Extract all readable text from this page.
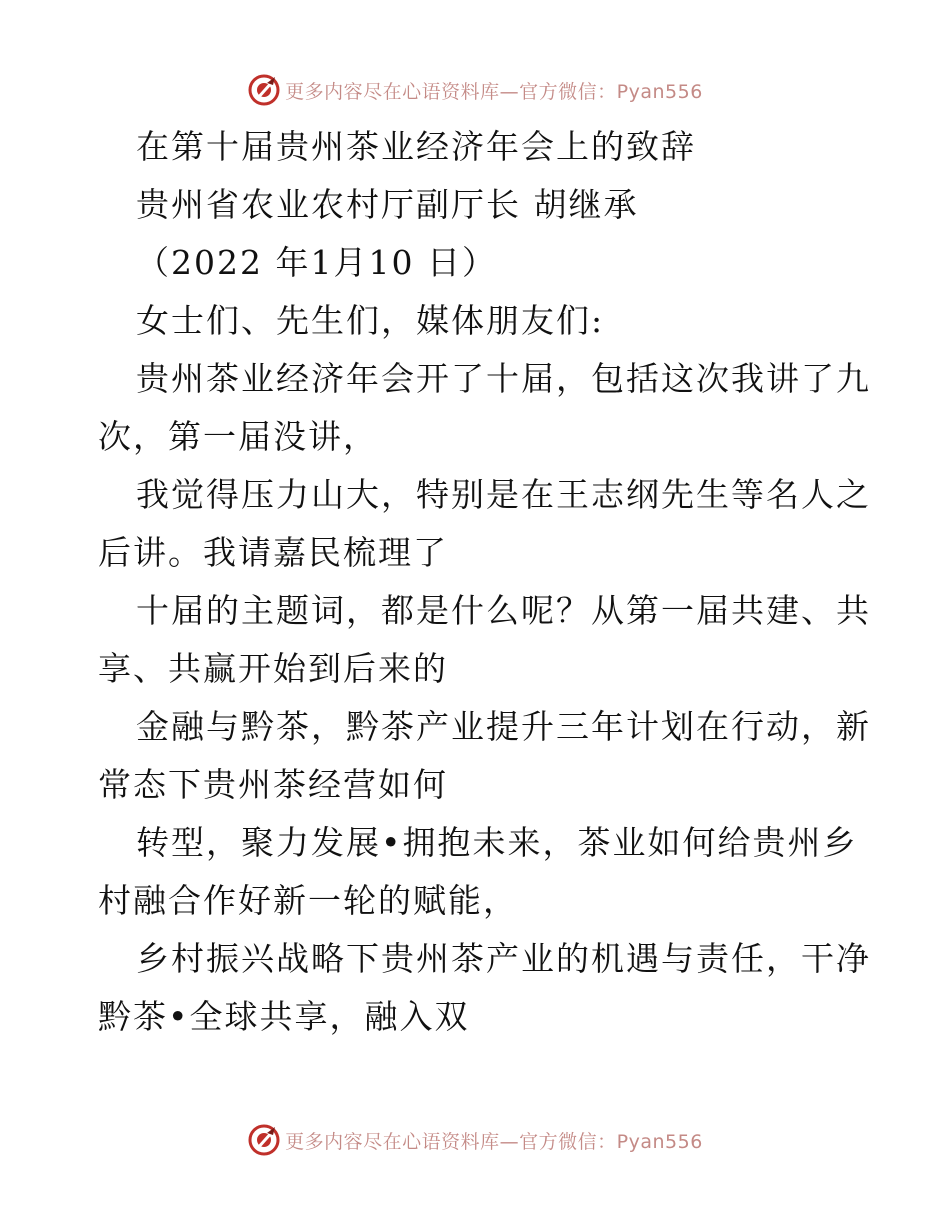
更多内容尽在心语资料库—官方微信：Pyan556
在第十届贵州茶业经济年会上的致辞
贵州省农业农村厅副厅长 胡继承
（2022 年1月10 日）
女士们、先生们，媒体朋友们:
贵州茶业经济年会开了十届，包括这次我讲了九
次，第一届没讲，
我觉得压力山大，特别是在王志纲先生等名人之
后讲。我请嘉民梳理了
十届的主题词，都是什么呢？从第一届共建、共
享、共赢开始到后来的
金融与黔茶，黔茶产业提升三年计划在行动，新
常态下贵州茶经营如何
转型，聚力发展•拥抱未来，茶业如何给贵州乡
村融合作好新一轮的赋能，
乡村振兴战略下贵州茶产业的机遇与责任，干净
黔茶•全球共享，融入双
更多内容尽在心语资料库—官方微信：Pyan556
